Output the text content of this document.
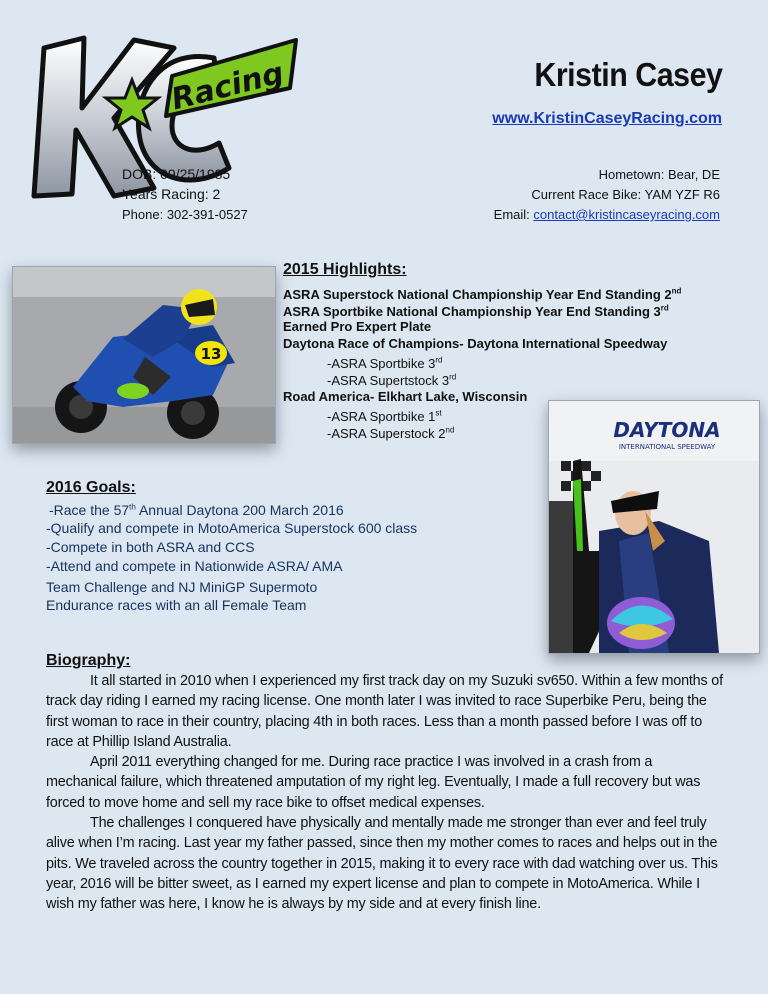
Racing	Kristin Casey
www.KristinCaseyRacing.com
DOB: 09/25/1985
Years Racing: 2
Phone: 302-391-0527
Hometown: Bear, DE
Current Race Bike: YAM YZF R6
Email: contact@kristincaseyracing.com
13
DAYTONA
INTERNATIONAL SPEEDWAY
2015 Highlights:
ASRA Superstock National Championship Year End Standing 2nd
ASRA Sportbike National Championship Year End Standing 3rd
Earned Pro Expert Plate
Daytona Race of Champions- Daytona International Speedway
-ASRA Sportbike 3rd
-ASRA Supertstock 3rd
Road America- Elkhart Lake, Wisconsin
-ASRA Sportbike 1st
-ASRA Superstock 2nd
2016 Goals:
-Race the 57th Annual Daytona 200 March 2016
-Qualify and compete in MotoAmerica Superstock 600 class
-Compete in both ASRA and CCS
-Attend and compete in Nationwide ASRA/ AMA
Team Challenge and NJ MiniGP Supermoto
Endurance races with an all Female Team
Biography:

It all started in 2010 when I experienced my first track day on my Suzuki sv650. Within a few months of track day riding I earned my racing license. One month later I was invited to race Superbike Peru, being the first woman to race in their country, placing 4th in both races. Less than a month passed before I was off to race at Phillip Island Australia.

April 2011 everything changed for me. During race practice I was involved in a crash from a mechanical failure, which threatened amputation of my right leg. Eventually, I made a full recovery but was forced to move home and sell my race bike to offset medical expenses.

The challenges I conquered have physically and mentally made me stronger than ever and feel truly alive when I’m racing. Last year my father passed, since then my mother comes to races and helps out in the pits. We traveled across the country together in 2015, making it to every race with dad watching over us. This year, 2016 will be bitter sweet, as I earned my expert license and plan to compete in MotoAmerica. While I wish my father was here, I know he is always by my side and at every finish line.
